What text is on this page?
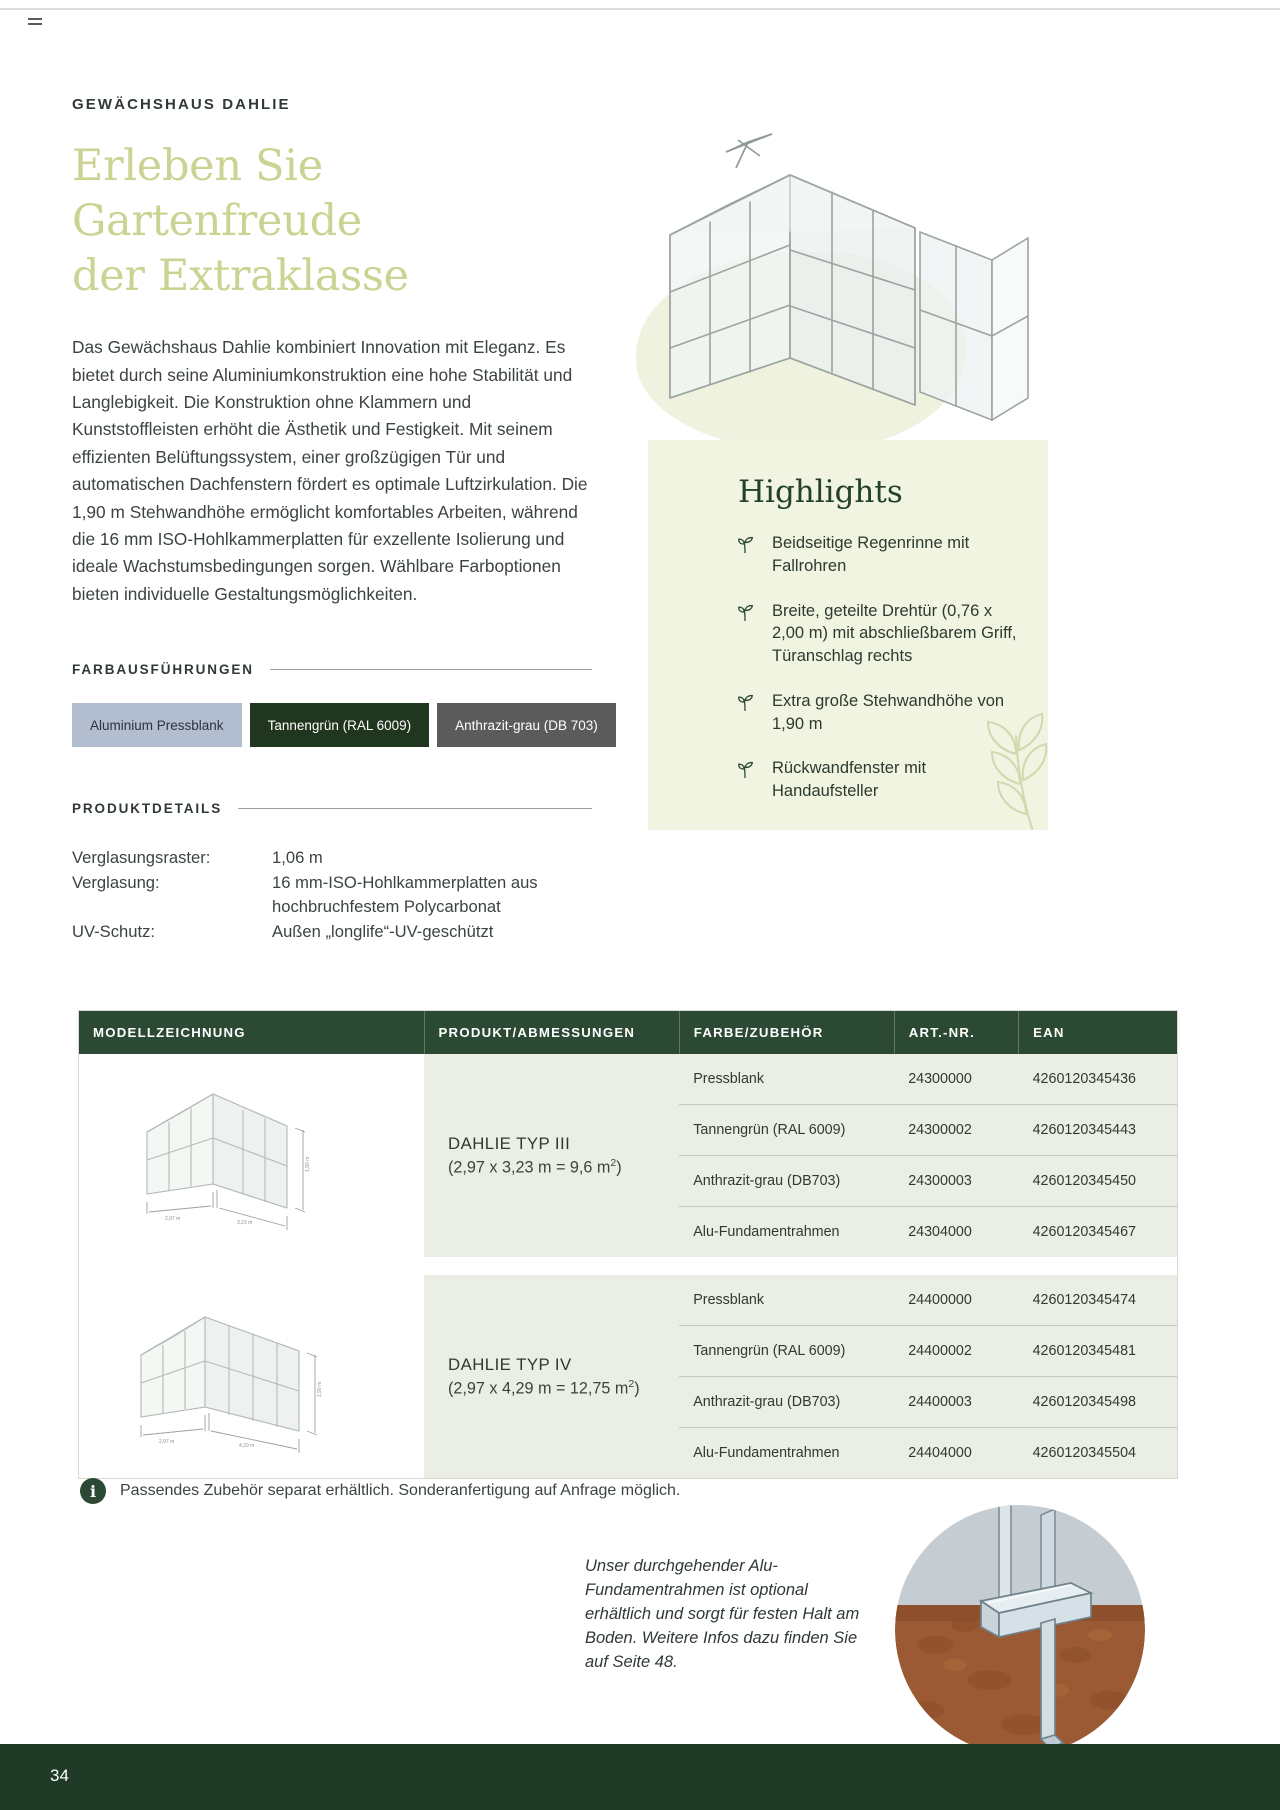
GEWÄCHSHAUS DAHLIE
Erleben Sie Gartenfreude
der Extraklasse

Das Gewächshaus Dahlie kombiniert Innovation mit Eleganz. Es bietet durch seine Aluminiumkonstruktion eine hohe Stabilität und Langlebigkeit. Die Konstruktion ohne Klammern und Kunststoffleisten erhöht die Ästhetik und Festigkeit. Mit seinem effizienten Belüftungssystem, einer großzügigen Tür und automatischen Dachfenstern fördert es optimale Luftzirkulation. Die 1,90 m Stehwandhöhe ermöglicht komfortables Arbeiten, während die 16 mm ISO-Hohlkammerplatten für exzellente Isolierung und ideale Wachstumsbedingungen sorgen. Wählbare Farboptionen bieten individuelle Gestaltungsmöglichkeiten.

FARBAUSFÜHRUNGEN
Aluminium Pressblank	Tannengrün (RAL 6009)	Anthrazit-grau (DB 703)
PRODUKTDETAILS
Verglasungsraster:	1,06 m
Verglasung:	16 mm-ISO-Hohlkammerplatten aus hochbruchfestem Polycarbonat
UV-Schutz:	Außen „longlife“-UV-geschützt
Highlights
Beidseitige Regenrinne mit Fallrohren
Breite, geteilte Drehtür (0,76 x 2,00 m) mit abschließbarem Griff, Türanschlag rechts
Extra große Stehwandhöhe von 1,90 m
Rückwandfenster mit Handaufsteller
MODELLZEICHNUNG	PRODUKT/ABMESSUNGEN	FARBE/ZUBEHÖR	ART.-NR.	EAN

1,90 m
2,97 m
3,23 m

DAHLIE TYP III
(2,97 x 3,23 m = 9,6 $m^2$)
	Pressblank	24300000	4260120345436
		Tannengrün (RAL 6009)	24300002	4260120345443
		Anthrazit-grau (DB703)	24300003	4260120345450
		Alu-Fundamentrahmen	24304000	4260120345467

1,90 m
2,97 m
4,29 m

DAHLIE TYP IV
(2,97 x 4,29 m = 12,75 $m^2$)
	Pressblank	24400000	4260120345474
		Tannengrün (RAL 6009)	24400002	4260120345481
		Anthrazit-grau (DB703)	24400003	4260120345498
		Alu-Fundamentrahmen	24404000	4260120345504
i	Passendes Zubehör separat erhältlich. Sonderanfertigung auf Anfrage möglich.
Unser durchgehender Alu-Fundamentrahmen ist optional erhältlich und sorgt für festen Halt am Boden. Weitere Infos dazu finden Sie auf Seite 48.
34
